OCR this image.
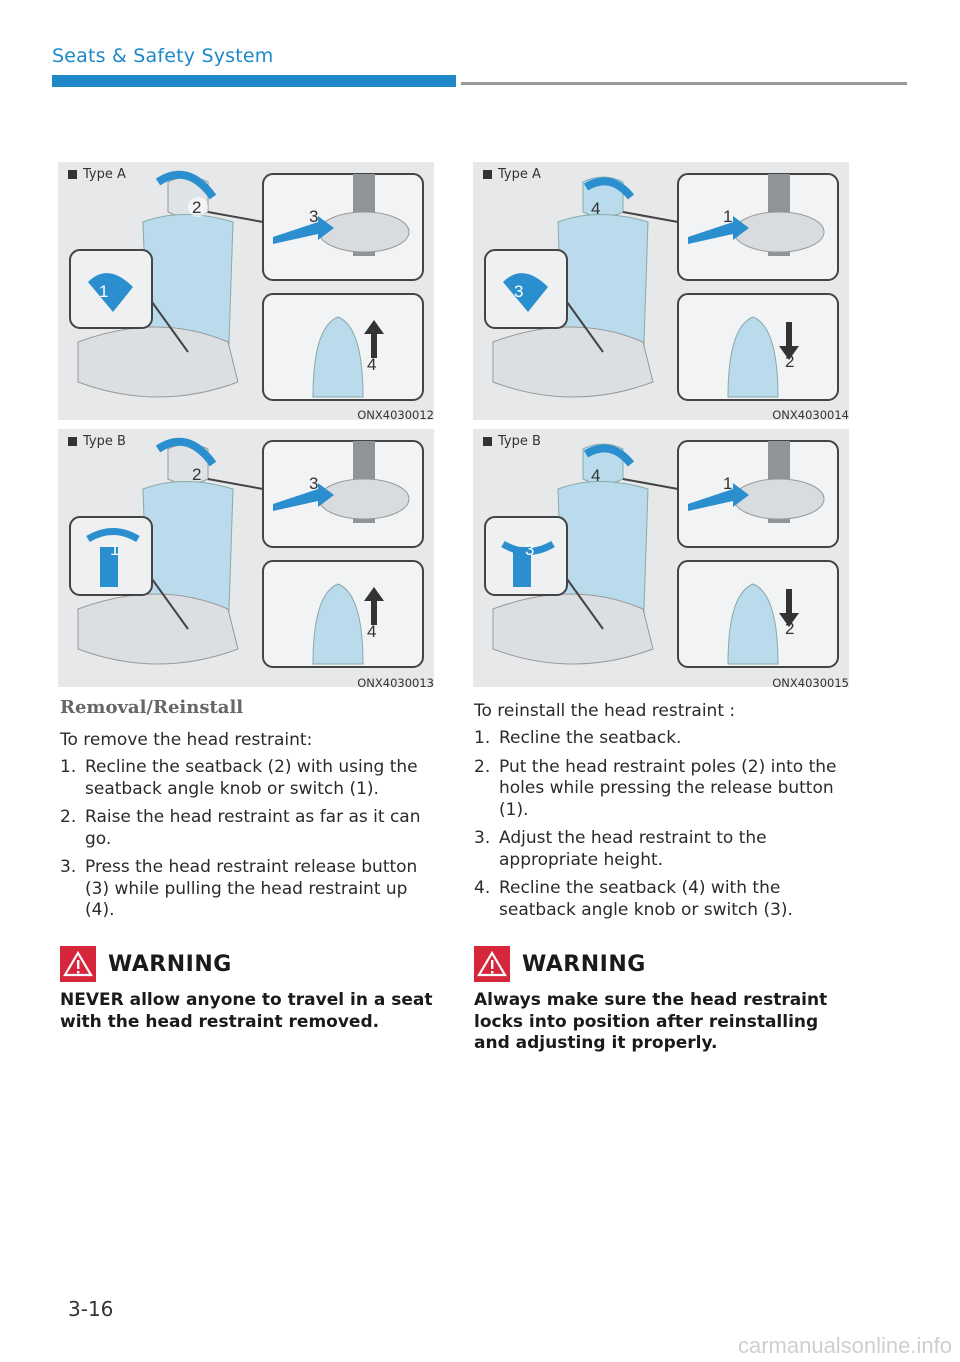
Seats & Safety System
2	3
1
4
Type A
ONX4030012
2	3
1
4
Type B
ONX4030013
4	1
3
2
Type A
ONX4030014
4	1
3
2
Type B
ONX4030015
Removal/Reinstall
To remove the head restraint:
1. Recline the seatback (2) with using the seatback angle knob or switch (1).
2. Raise the head restraint as far as it can go.
3. Press the head restraint release button (3) while pulling the head restraint up (4).
WARNING
NEVER allow anyone to travel in a seat with the head restraint removed.
To reinstall the head restraint :
1. Recline the seatback.
2. Put the head restraint poles (2) into the holes while pressing the release button (1).
3. Adjust the head restraint to the appropriate height.
4. Recline the seatback (4) with the seatback angle knob or switch (3).
WARNING
Always make sure the head restraint locks into position after reinstalling and adjusting it properly.
3-16
carmanualsonline.info
